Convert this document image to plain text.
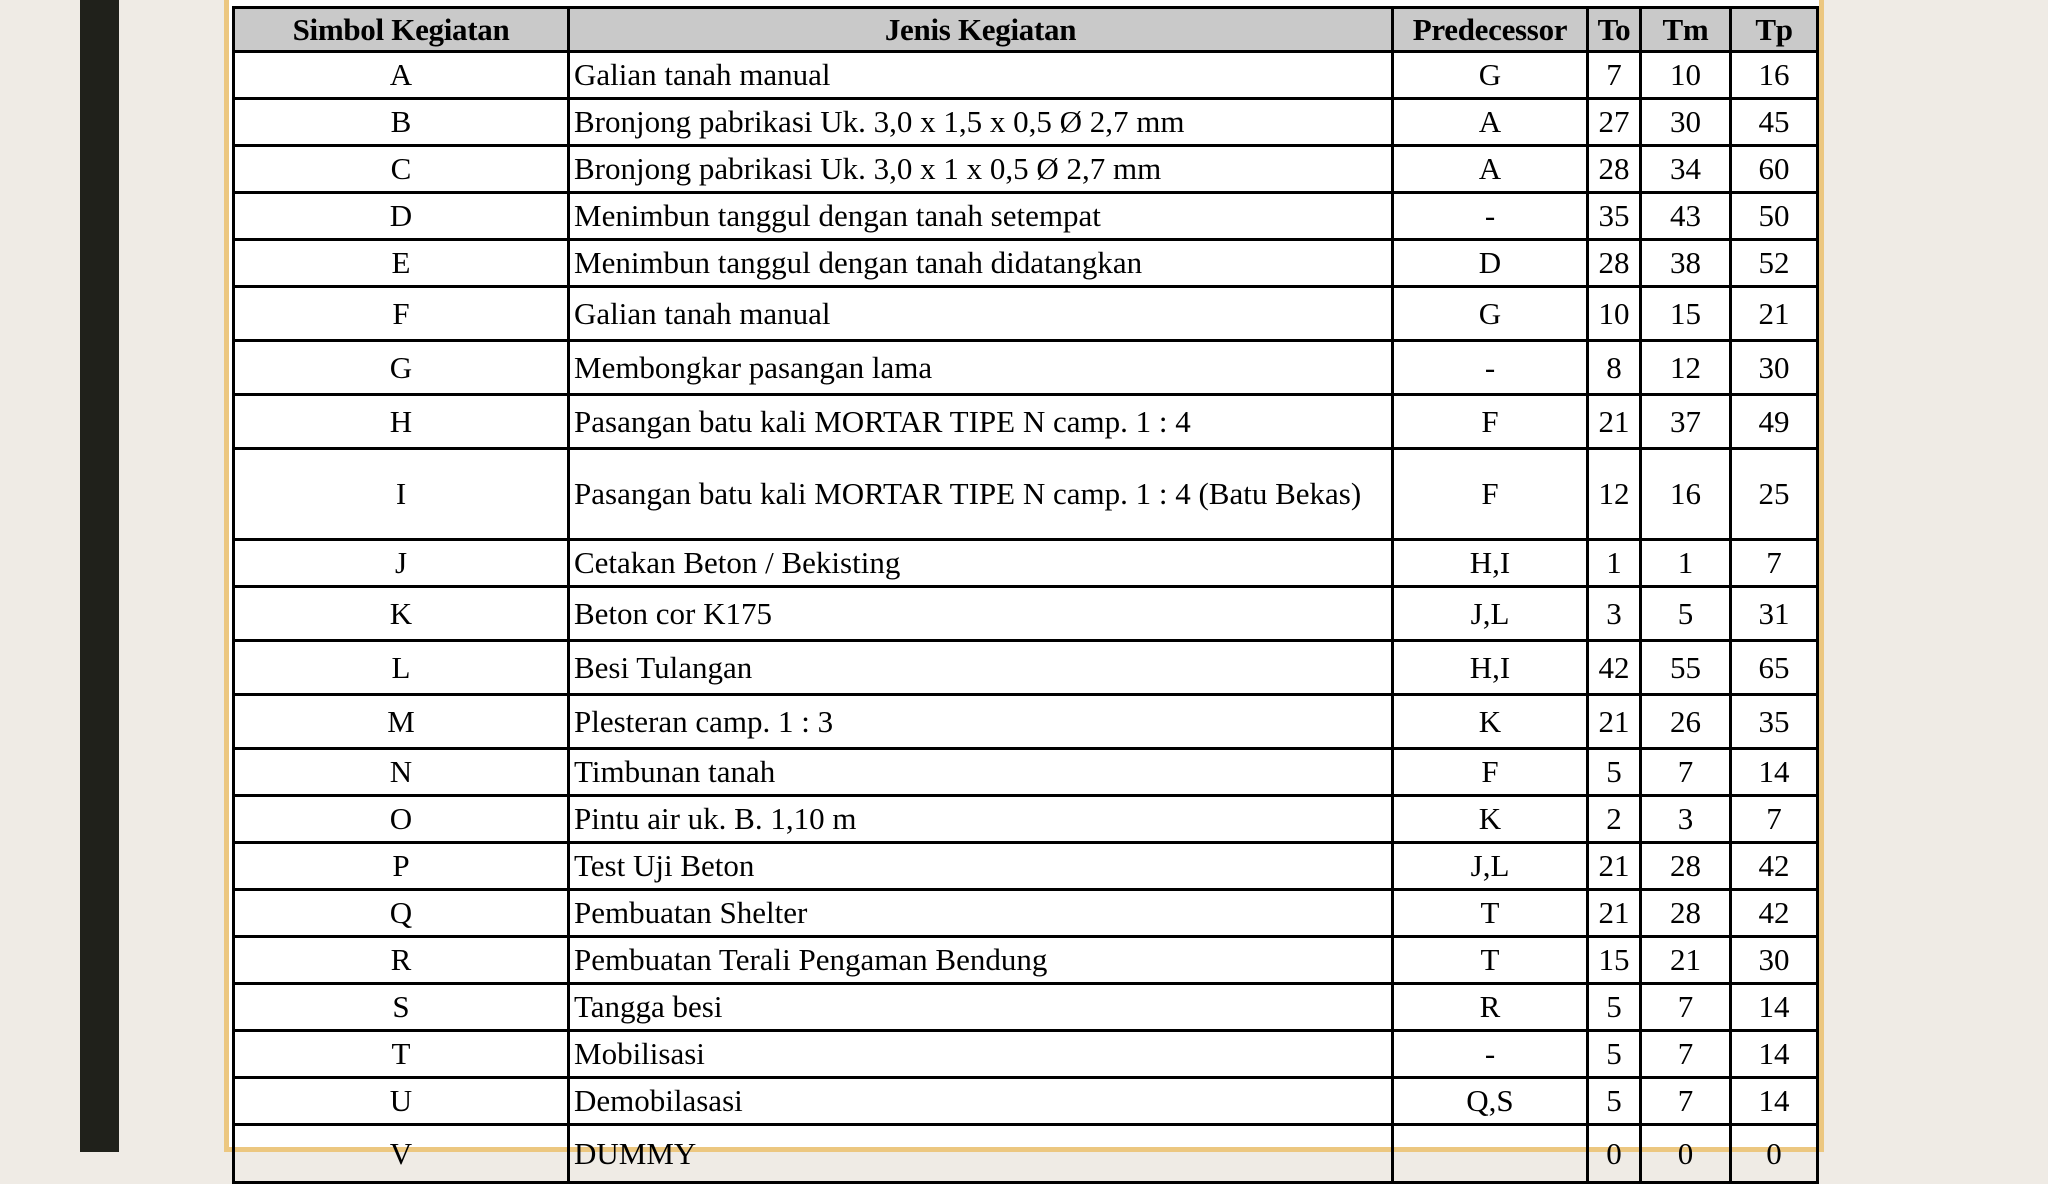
Simbol Kegiatan	Jenis Kegiatan	Predecessor	To	Tm	Tp
A	Galian tanah manual	G	7	10	16
B	Bronjong pabrikasi Uk. 3,0 x 1,5 x 0,5 Ø 2,7 mm	A	27	30	45
C	Bronjong pabrikasi Uk. 3,0 x 1 x 0,5 Ø 2,7 mm	A	28	34	60
D	Menimbun tanggul dengan tanah setempat	-	35	43	50
E	Menimbun tanggul dengan tanah didatangkan	D	28	38	52
F	Galian tanah manual	G	10	15	21
G	Membongkar pasangan lama	-	8	12	30
H	Pasangan batu kali MORTAR TIPE N camp. 1 : 4	F	21	37	49
I	Pasangan batu kali MORTAR TIPE N camp. 1 : 4 (Batu Bekas)	F	12	16	25
J	Cetakan Beton / Bekisting	H,I	1	1	7
K	Beton cor K175	J,L	3	5	31
L	Besi Tulangan	H,I	42	55	65
M	Plesteran camp. 1 : 3	K	21	26	35
N	Timbunan tanah	F	5	7	14
O	Pintu air uk. B. 1,10 m	K	2	3	7
P	Test Uji Beton	J,L	21	28	42
Q	Pembuatan Shelter	T	21	28	42
R	Pembuatan Terali Pengaman Bendung	T	15	21	30
S	Tangga besi	R	5	7	14
T	Mobilisasi	-	5	7	14
U	Demobilasasi	Q,S	5	7	14
V	DUMMY		0	0	0
